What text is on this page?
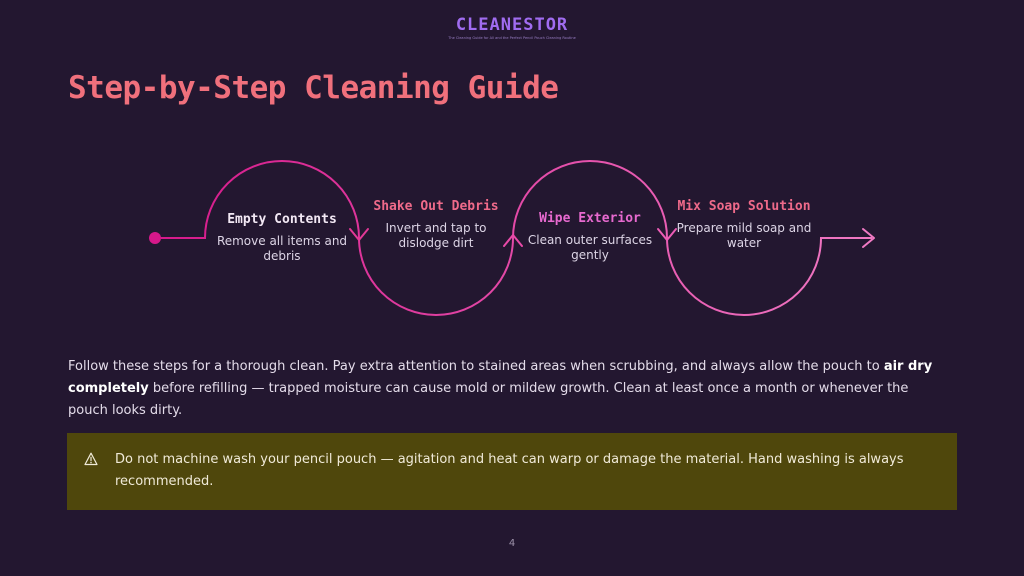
CLEANESTOR
The Cleaning Guide for All and the Perfect Pencil Pouch Cleaning Routine
Step-by-Step Cleaning Guide
Empty Contents
Remove all items and debris
Shake Out Debris
Invert and tap to dislodge dirt
Wipe Exterior
Clean outer surfaces gently
Mix Soap Solution
Prepare mild soap and water

Follow these steps for a thorough clean. Pay extra attention to stained areas when scrubbing, and always allow the pouch to air dry completely before refilling — trapped moisture can cause mold or mildew growth. Clean at least once a month or whenever the pouch looks dirty.

Do not machine wash your pencil pouch — agitation and heat can warp or damage the material. Hand washing is always recommended.
4
